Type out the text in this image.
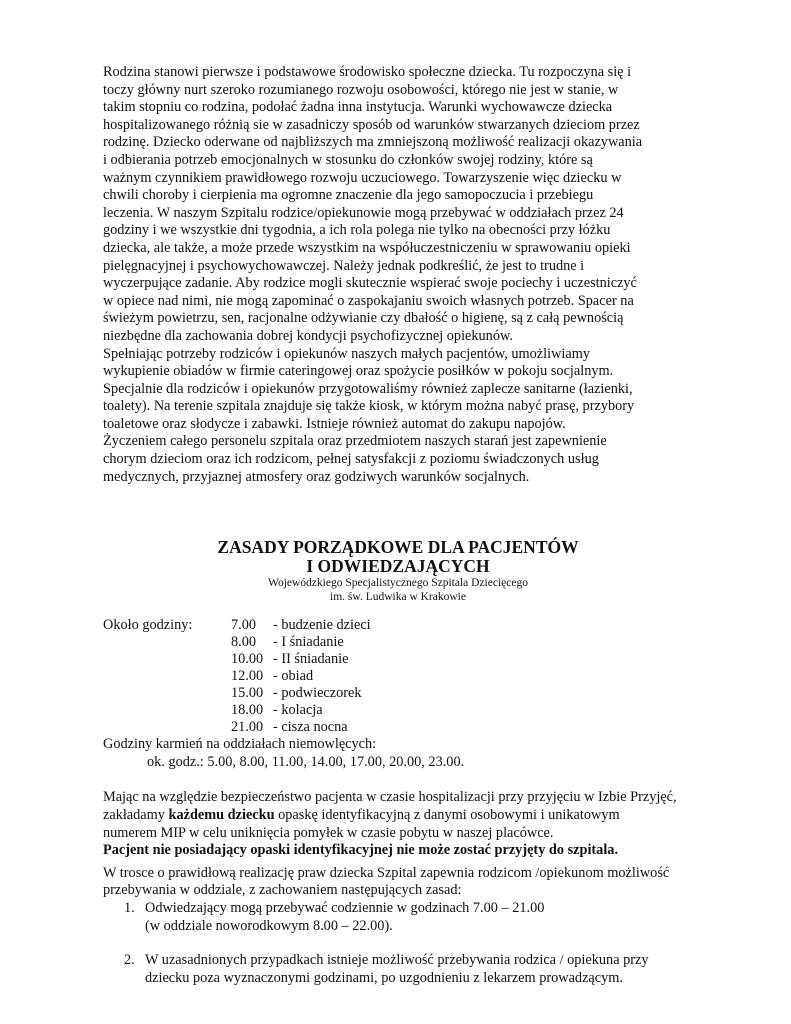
Rodzina stanowi pierwsze i podstawowe środowisko społeczne dziecka. Tu rozpoczyna się i
toczy główny nurt szeroko rozumianego rozwoju osobowości, którego nie jest w stanie, w
takim stopniu co rodzina, podołać żadna inna instytucja. Warunki wychowawcze dziecka
hospitalizowanego różnią sie w zasadniczy sposób od warunków stwarzanych dzieciom przez
rodzinę. Dziecko oderwane od najbliższych ma zmniejszoną możliwość realizacji okazywania
i odbierania potrzeb emocjonalnych w stosunku do członków swojej rodziny, które są
ważnym czynnikiem prawidłowego rozwoju uczuciowego. Towarzyszenie więc dziecku w
chwili choroby i cierpienia ma ogromne znaczenie dla jego samopoczucia i przebiegu
leczenia. W naszym Szpitalu rodzice/opiekunowie mogą przebywać w oddziałach przez 24
godziny i we wszystkie dni tygodnia, a ich rola polega nie tylko na obecności przy łóżku
dziecka, ale także, a może przede wszystkim na współuczestniczeniu w sprawowaniu opieki
pielęgnacyjnej i psychowychowawczej. Należy jednak podkreślić, że jest to trudne i
wyczerpujące zadanie. Aby rodzice mogli skutecznie wspierać swoje pociechy i uczestniczyć
w opiece nad nimi, nie mogą zapominać o zaspokajaniu swoich własnych potrzeb. Spacer na
świeżym powietrzu, sen, racjonalne odżywianie czy dbałość o higienę, są z całą pewnością
niezbędne dla zachowania dobrej kondycji psychofizycznej opiekunów.
Spełniając potrzeby rodziców i opiekunów naszych małych pacjentów, umożliwiamy
wykupienie obiadów w firmie cateringowej oraz spożycie posiłków w pokoju socjalnym.
Specjalnie dla rodziców i opiekunów przygotowaliśmy również zaplecze sanitarne (łazienki,
toalety). Na terenie szpitala znajduje się także kiosk, w którym można nabyć prasę, przybory
toaletowe oraz słodycze i zabawki. Istnieje również automat do zakupu napojów.
Życzeniem całego personelu szpitala oraz przedmiotem naszych starań jest zapewnienie
chorym dzieciom oraz ich rodzicom, pełnej satysfakcji z poziomu świadczonych usług
medycznych, przyjaznej atmosfery oraz godziwych warunków socjalnych.
ZASADY PORZĄDKOWE DLA PACJENTÓW
I ODWIEDZAJĄCYCH
Wojewódzkiego Specjalistycznego Szpitala Dziecięcego
im. św. Ludwika w Krakowie
Około godziny:	7.00 - budzenie dzieci
8.00 - I śniadanie
10.00 - II śniadanie
12.00 - obiad
15.00 - podwieczorek
18.00 - kolacja
21.00 - cisza nocna
Godziny karmień na oddziałach niemowlęcych:
ok. godz.: 5.00, 8.00, 11.00, 14.00, 17.00, 20.00, 23.00.
Mając na względzie bezpieczeństwo pacjenta w czasie hospitalizacji przy przyjęciu w Izbie Przyjęć,
zakładamy każdemu dziecku opaskę identyfikacyjną z danymi osobowymi i unikatowym
numerem MIP w celu uniknięcia pomyłek w czasie pobytu w naszej placówce.
Pacjent nie posiadający opaski identyfikacyjnej nie może zostać przyjęty do szpitala.
W trosce o prawidłową realizację praw dziecka Szpital zapewnia rodzicom /opiekunom możliwość
przebywania w oddziale, z zachowaniem następujących zasad:
1. Odwiedzający mogą przebywać codziennie w godzinach 7.00 – 21.00
(w oddziale noworodkowym 8.00 – 22.00).
2. W uzasadnionych przypadkach istnieje możliwość przebywania rodzica / opiekuna przy
dziecku poza wyznaczonymi godzinami, po uzgodnieniu z lekarzem prowadzącym.
